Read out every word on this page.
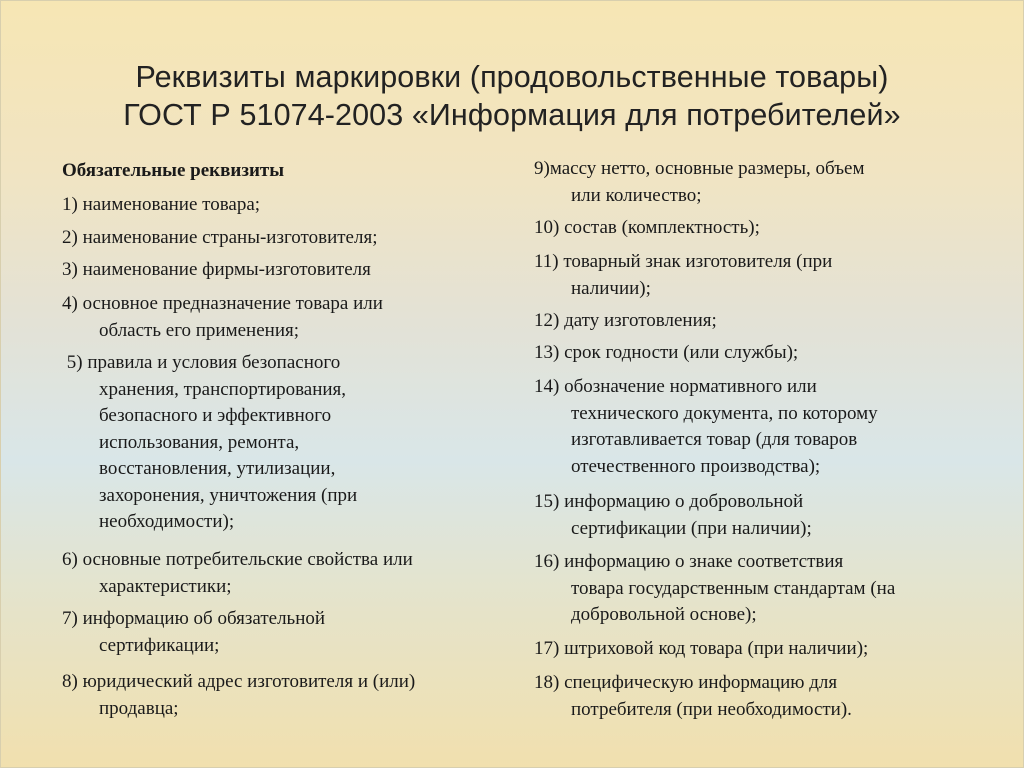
Реквизиты маркировки (продовольственные товары)
ГОСТ Р 51074-2003 «Информация для потребителей»
Обязательные реквизиты
1) наименование товара;
2) наименование страны-изготовителя;
3) наименование фирмы-изготовителя
4) основное предназначение товара или
область его применения;
5) правила и условия безопасного
хранения, транспортирования,
безопасного и эффективного
использования, ремонта,
восстановления, утилизации,
захоронения, уничтожения (при
необходимости);
6) основные потребительские свойства или
характеристики;
7) информацию об обязательной
сертификации;
8) юридический адрес изготовителя и (или)
продавца;
9)массу нетто, основные размеры, объем
или количество;
10) состав (комплектность);
11) товарный знак изготовителя (при
наличии);
12) дату изготовления;
13) срок годности (или службы);
14) обозначение нормативного или
технического документа, по которому
изготавливается товар (для товаров
отечественного производства);
15) информацию о добровольной
сертификации (при наличии);
16) информацию о знаке соответствия
товара государственным стандартам (на
добровольной основе);
17) штриховой код товара (при наличии);
18) специфическую информацию для
потребителя (при необходимости).
